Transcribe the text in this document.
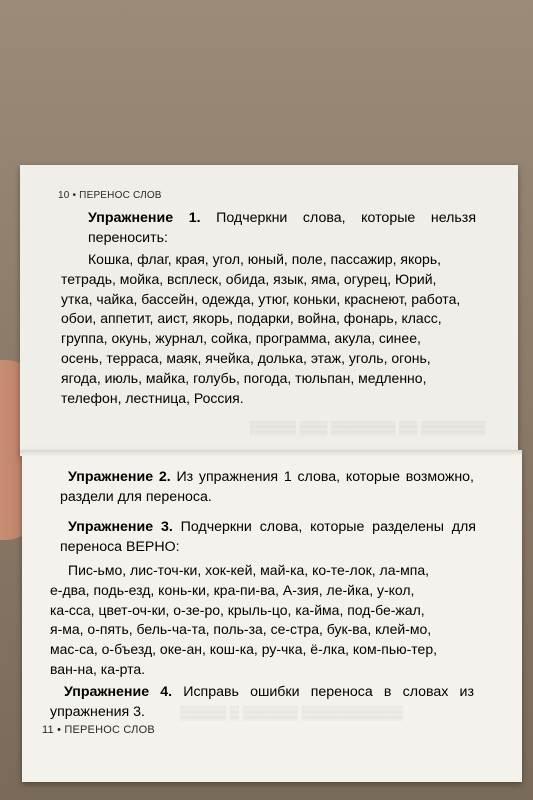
▒▒▒▒▒ ▒▒▒ ▒▒▒▒▒▒▒ ▒▒ ▒▒▒▒▒▒▒
▒▒▒▒▒ ▒ ▒▒▒▒▒▒ ▒▒▒▒▒▒▒▒▒▒▒
10 • ПЕРЕНОС СЛОВ
Упражнение 1. Подчеркни слова, которые нельзя переносить:
Кошка, флаг, края, угол, юный, поле, пассажир, якорь,
тетрадь, мойка, всплеск, обида, язык, яма, огурец, Юрий,
утка, чайка, бассейн, одежда, утюг, коньки, краснеют, работа,
обои, аппетит, аист, якорь, подарки, война, фонарь, класс,
группа, окунь, журнал, сойка, программа, акула, синее,
осень, терраса, маяк, ячейка, долька, этаж, уголь, огонь,
ягода, июль, майка, голубь, погода, тюльпан, медленно,
телефон, лестница, Россия.
Упражнение 2. Из упражнения 1 слова, которые возможно, раздели для переноса.
Упражнение 3. Подчеркни слова, которые разделены для переноса ВЕРНО:
Пис-ьмо, лис-точ-ки, хок-кей, май-ка, ко-те-лок, ла-мпа,
е-два, подь-езд, конь-ки, кра-пи-ва, А-зия, ле-йка, у-кол,
ка-сса, цвет-оч-ки, о-зе-ро, крыль-цо, ка-йма, под-бе-жал,
я-ма, о-пять, бель-ча-та, поль-за, се-стра, бук-ва, клей-мо,
мас-са, о-бъезд, оке-ан, кош-ка, ру-чка, ё-лка, ком-пью-тер,
ван-на, ка-рта.
Упражнение 4. Исправь ошибки переноса в словах из упражнения 3.
11 • ПЕРЕНОС СЛОВ
